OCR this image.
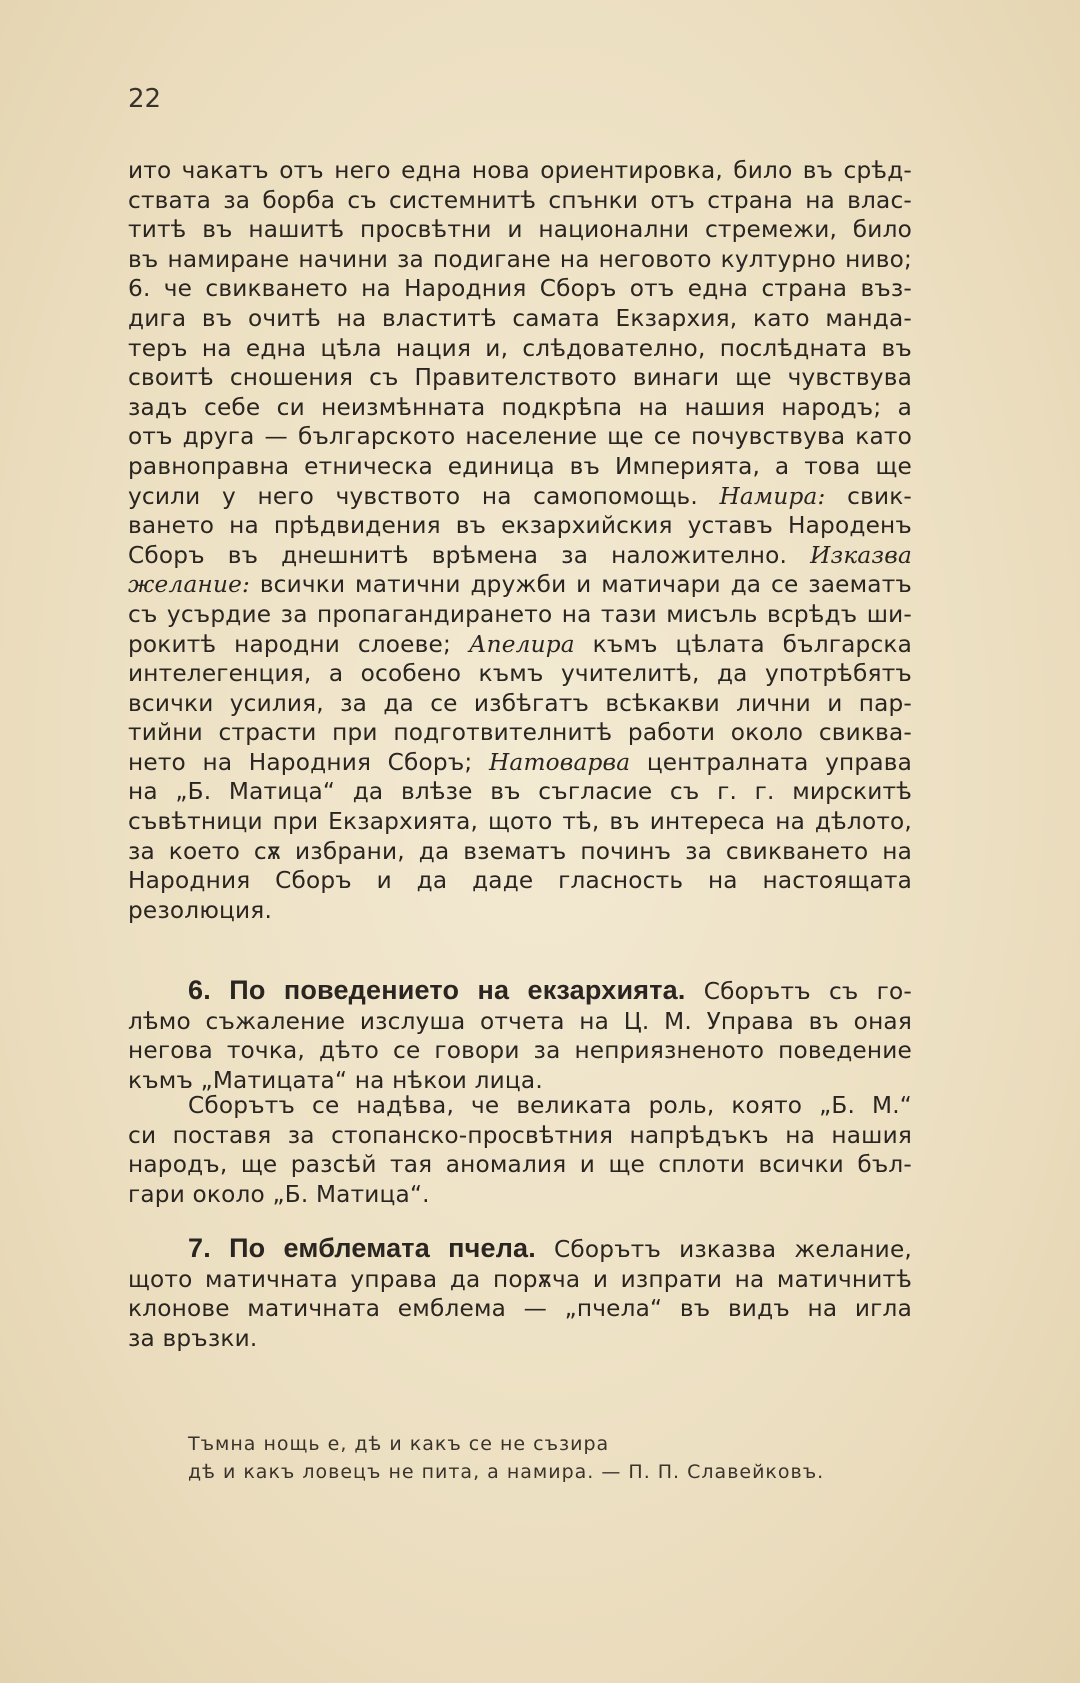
22
ито чакатъ отъ него една нова ориентировка, било въ срѣд-
ствата за борба съ системнитѣ спънки отъ страна на влас-
титѣ въ нашитѣ просвѣтни и национални стремежи, било
въ намиране начини за подигане на неговото културно ниво;
6. че свикването на Народния Сборъ отъ една страна въз-
дига въ очитѣ на властитѣ самата Екзархия, като манда-
теръ на една цѣла нация и, слѣдователно, послѣдната въ
своитѣ сношения съ Правителството винаги ще чувствува
задъ себе си неизмѣнната подкрѣпа на нашия народъ; а
отъ друга — българското население ще се почувствува като
равноправна етническа единица въ Империята, а това ще
усили у него чувството на самопомощь. Намира: свик-
ването на прѣдвидения въ екзархийския уставъ Народенъ
Сборъ въ днешнитѣ врѣмена за наложително. Изказва
желание: всички матични дружби и матичари да се заематъ
съ усърдие за пропагандирането на тази мисъль всрѣдъ ши-
рокитѣ народни слоеве; Апелира къмъ цѣлата българска
интелегенция, а особено къмъ учителитѣ, да употрѣбятъ
всички усилия, за да се избѣгатъ всѣкакви лични и пар-
тийни страсти при подготвителнитѣ работи около свиква-
нето на Народния Сборъ; Натоварва централната управа
на „Б. Матица“ да влѣзе въ съгласие съ г. г. мирскитѣ
съвѣтници при Екзархията, щото тѣ, въ интереса на дѣлото,
за което сѫ избрани, да взематъ починъ за свикването на
Народния Сборъ и да даде гласность на настоящата
резолюция.
6. По поведението на екзархията. Сборътъ съ го-
лѣмо съжаление изслуша отчета на Ц. М. Управа въ оная
негова точка, дѣто се говори за неприязненото поведение
къмъ „Матицата“ на нѣкои лица.
Сборътъ се надѣва, че великата роль, която „Б. М.“
си поставя за стопанско-просвѣтния напрѣдъкъ на нашия
народъ, ще разсѣй тая аномалия и ще сплоти всички бъл-
гари около „Б. Матица“.
7. По емблемата пчела. Сборътъ изказва желание,
щото матичната управа да порѫча и изпрати на матичнитѣ
клонове матичната емблема — „пчела“ въ видъ на игла
за връзки.
Тъмна нощь е, дѣ и какъ се не съзира
дѣ и какъ ловецъ не пита, а намира. — П. П. Славейковъ.
